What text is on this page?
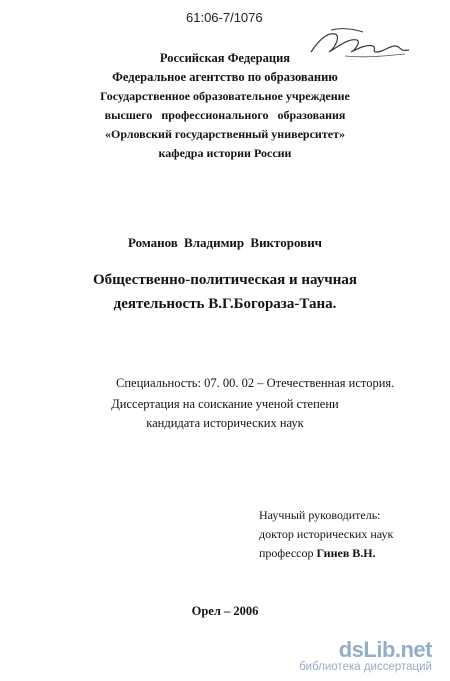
61:06-7/1076
Российская Федерация
Федеральное агентство по образованию
Государственное образовательное учреждение
высшего профессионального образования
«Орловский государственный университет»
кафедра истории России
Романов Владимир Викторович
Общественно-политическая и научная
деятельность В.Г.Богораза-Тана.
Специальность: 07. 00. 02 – Отечественная история.
Диссертация на соискание ученой степени
кандидата исторических наук
Научный руководитель:
доктор исторических наук
профессор Гинев В.Н.
Орел – 2006
dsLib.net
библиотека диссертаций
